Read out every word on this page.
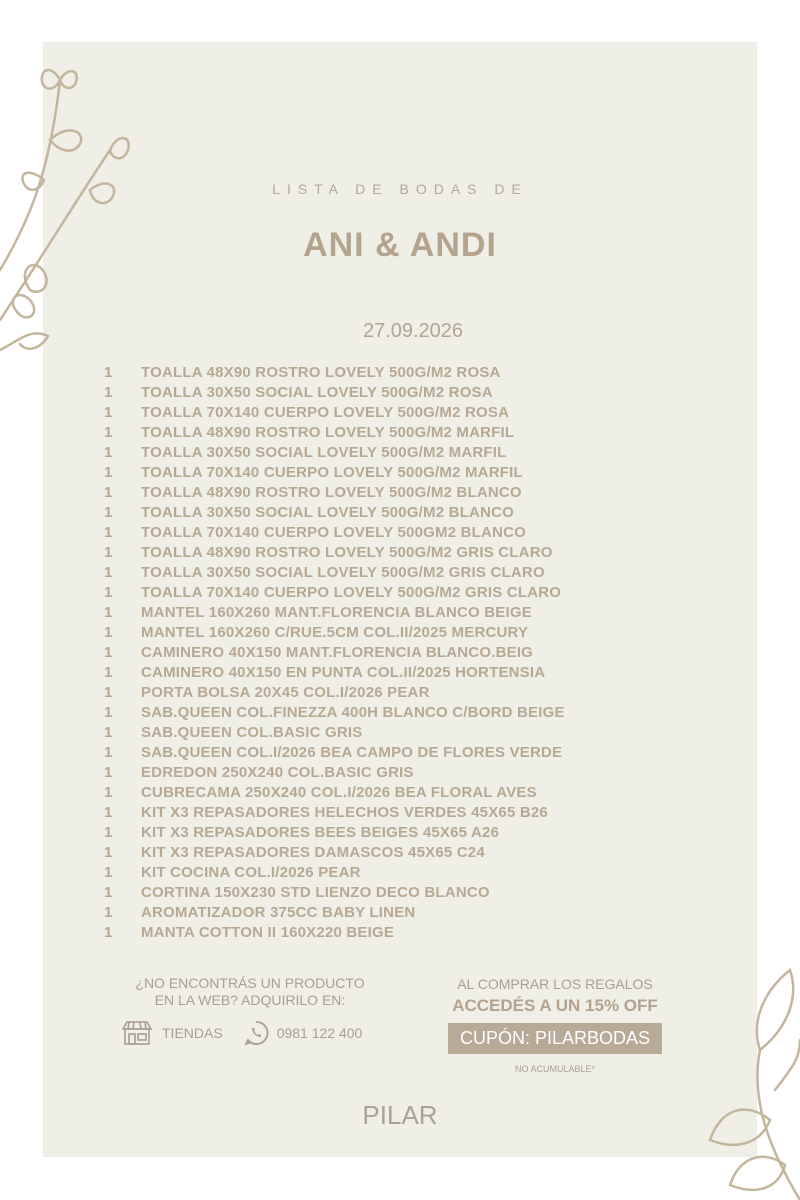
LISTA DE BODAS DE
ANI & ANDI
27.09.2026
1	TOALLA 48X90 ROSTRO LOVELY 500G/M2 ROSA
1	TOALLA 30X50 SOCIAL LOVELY 500G/M2 ROSA
1	TOALLA 70X140 CUERPO LOVELY 500G/M2 ROSA
1	TOALLA 48X90 ROSTRO LOVELY 500G/M2 MARFIL
1	TOALLA 30X50 SOCIAL LOVELY 500G/M2 MARFIL
1	TOALLA 70X140 CUERPO LOVELY 500G/M2 MARFIL
1	TOALLA 48X90 ROSTRO LOVELY 500G/M2 BLANCO
1	TOALLA 30X50 SOCIAL LOVELY 500G/M2 BLANCO
1	TOALLA 70X140 CUERPO LOVELY 500GM2 BLANCO
1	TOALLA 48X90 ROSTRO LOVELY 500G/M2 GRIS CLARO
1	TOALLA 30X50 SOCIAL LOVELY 500G/M2 GRIS CLARO
1	TOALLA 70X140 CUERPO LOVELY 500G/M2 GRIS CLARO
1	MANTEL 160X260 MANT.FLORENCIA BLANCO BEIGE
1	MANTEL 160X260 C/RUE.5CM COL.II/2025 MERCURY
1	CAMINERO 40X150 MANT.FLORENCIA BLANCO.BEIG
1	CAMINERO 40X150 EN PUNTA COL.II/2025 HORTENSIA
1	PORTA BOLSA 20X45 COL.I/2026 PEAR
1	SAB.QUEEN COL.FINEZZA 400H BLANCO C/BORD BEIGE
1	SAB.QUEEN COL.BASIC GRIS
1	SAB.QUEEN COL.I/2026 BEA CAMPO DE FLORES VERDE
1	EDREDON 250X240 COL.BASIC GRIS
1	CUBRECAMA 250X240 COL.I/2026 BEA FLORAL AVES
1	KIT X3 REPASADORES HELECHOS VERDES 45X65 B26
1	KIT X3 REPASADORES BEES BEIGES 45X65 A26
1	KIT X3 REPASADORES DAMASCOS 45X65 C24
1	KIT COCINA COL.I/2026 PEAR
1	CORTINA 150X230 STD LIENZO DECO BLANCO
1	AROMATIZADOR 375CC BABY LINEN
1	MANTA COTTON II 160X220 BEIGE
¿NO ENCONTRÁS UN PRODUCTO
EN LA WEB? ADQUIRILO EN:
TIENDAS	0981 122 400
AL COMPRAR LOS REGALOS
ACCEDÉS A UN 15% OFF
CUPÓN: PILARBODAS
NO ACUMULABLE*
PILAR
